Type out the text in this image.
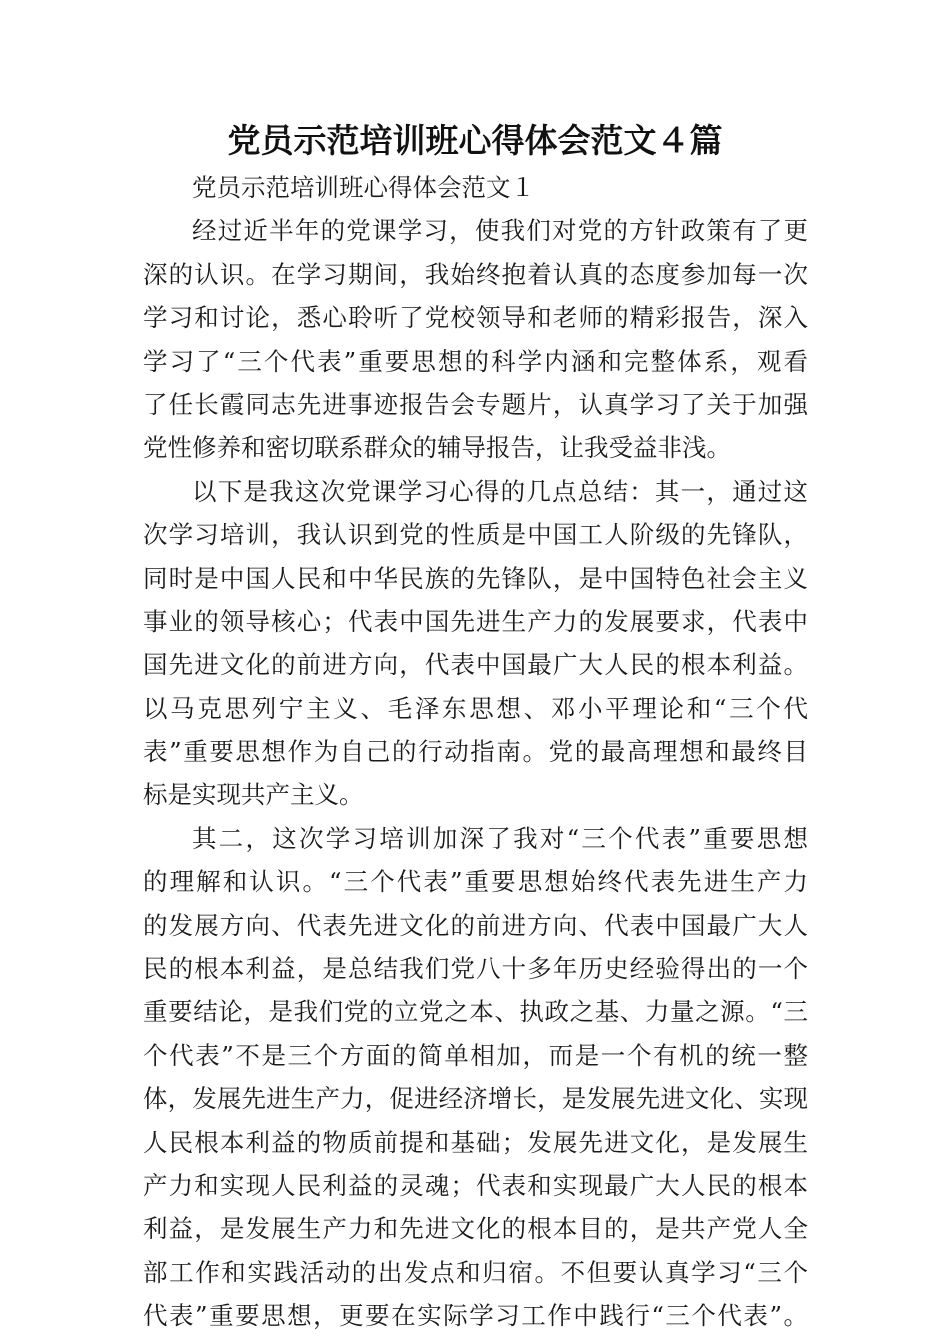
党员示范培训班心得体会范文４篇
党员示范培训班心得体会范文１
经过近半年的党课学习，使我们对党的方针政策有了更
深的认识。在学习期间，我始终抱着认真的态度参加每一次
学习和讨论，悉心聆听了党校领导和老师的精彩报告，深入
学习了“三个代表”重要思想的科学内涵和完整体系，观看
了任长霞同志先进事迹报告会专题片，认真学习了关于加强
党性修养和密切联系群众的辅导报告，让我受益非浅。
以下是我这次党课学习心得的几点总结：其一，通过这
次学习培训，我认识到党的性质是中国工人阶级的先锋队，
同时是中国人民和中华民族的先锋队，是中国特色社会主义
事业的领导核心；代表中国先进生产力的发展要求，代表中
国先进文化的前进方向，代表中国最广大人民的根本利益。
以马克思列宁主义、毛泽东思想、邓小平理论和“三个代
表”重要思想作为自己的行动指南。党的最高理想和最终目
标是实现共产主义。
其二，这次学习培训加深了我对“三个代表”重要思想
的理解和认识。“三个代表”重要思想始终代表先进生产力
的发展方向、代表先进文化的前进方向、代表中国最广大人
民的根本利益，是总结我们党八十多年历史经验得出的一个
重要结论，是我们党的立党之本、执政之基、力量之源。“三
个代表”不是三个方面的简单相加，而是一个有机的统一整
体，发展先进生产力，促进经济增长，是发展先进文化、实现
人民根本利益的物质前提和基础；发展先进文化，是发展生
产力和实现人民利益的灵魂；代表和实现最广大人民的根本
利益，是发展生产力和先进文化的根本目的，是共产党人全
部工作和实践活动的出发点和归宿。不但要认真学习“三个
代表”重要思想，更要在实际学习工作中践行“三个代表”。
